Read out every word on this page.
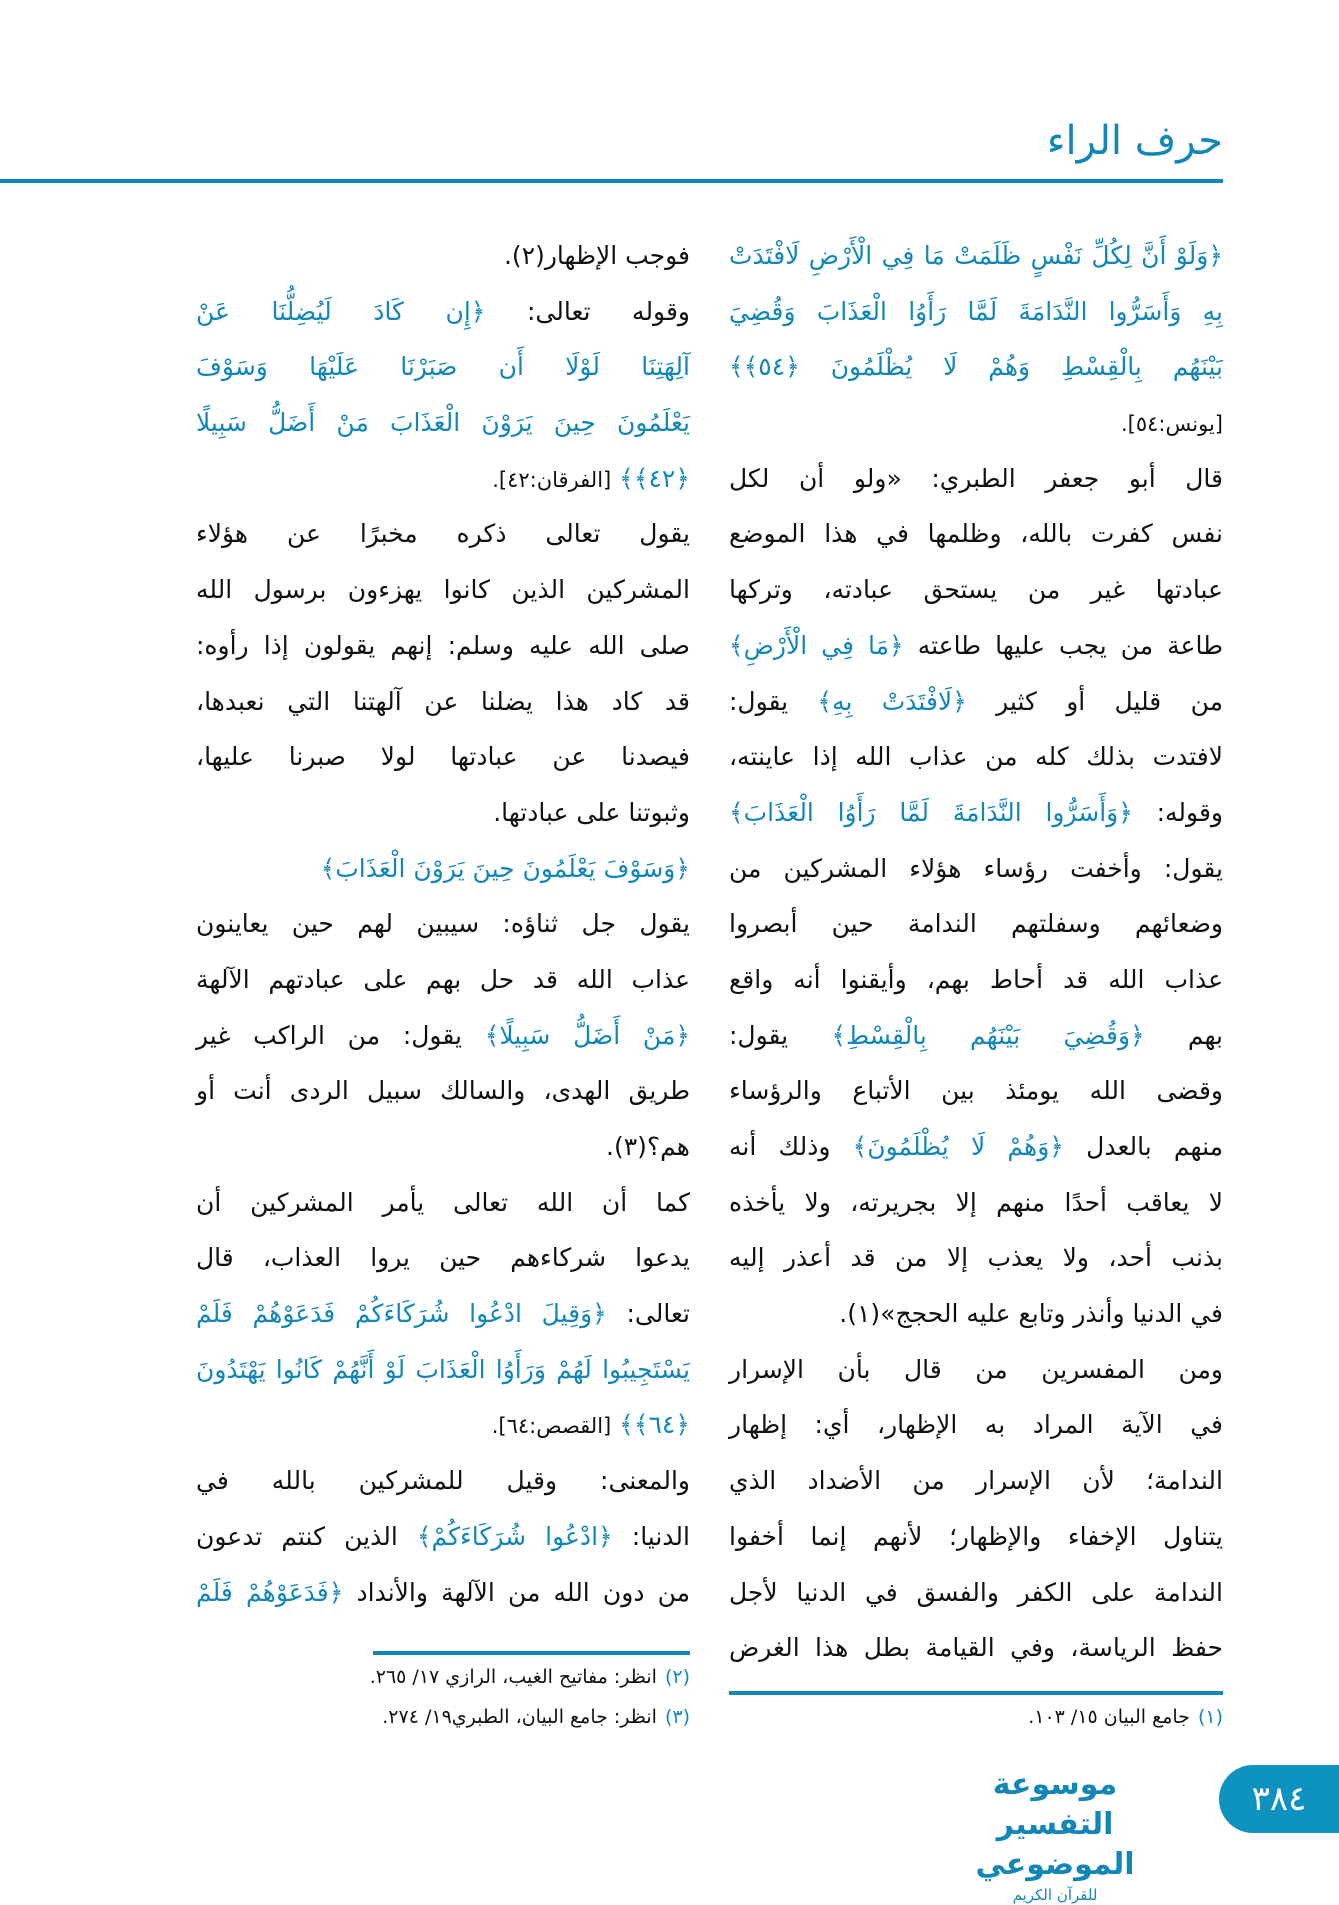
حرف الراء
﴿وَلَوْ أَنَّ لِكُلِّ نَفْسٍ ظَلَمَتْ مَا فِي الْأَرْضِ لَافْتَدَتْ
بِهِ وَأَسَرُّوا النَّدَامَةَ لَمَّا رَأَوُا الْعَذَابَ وَقُضِيَ
بَيْنَهُم بِالْقِسْطِ وَهُمْ لَا يُظْلَمُونَ ﴿٥٤﴾﴾
[يونس:٥٤].
قال أبو جعفر الطبري: «ولو أن لكل
نفس كفرت بالله، وظلمها في هذا الموضع
عبادتها غير من يستحق عبادته، وتركها
طاعة من يجب عليها طاعته ﴿مَا فِي الْأَرْضِ﴾
من قليل أو كثير ﴿لَافْتَدَتْ بِهِ﴾ يقول:
لافتدت بذلك كله من عذاب الله إذا عاينته،
وقوله: ﴿وَأَسَرُّوا النَّدَامَةَ لَمَّا رَأَوُا الْعَذَابَ﴾
يقول: وأخفت رؤساء هؤلاء المشركين من
وضعائهم وسفلتهم الندامة حين أبصروا
عذاب الله قد أحاط بهم، وأيقنوا أنه واقع
بهم ﴿وَقُضِيَ بَيْنَهُم بِالْقِسْطِ﴾ يقول:
وقضى الله يومئذ بين الأتباع والرؤساء
منهم بالعدل ﴿وَهُمْ لَا يُظْلَمُونَ﴾ وذلك أنه
لا يعاقب أحدًا منهم إلا بجريرته، ولا يأخذه
بذنب أحد، ولا يعذب إلا من قد أعذر إليه
في الدنيا وأنذر وتابع عليه الحجج»(١).
ومن المفسرين من قال بأن الإسرار
في الآية المراد به الإظهار، أي: إظهار
الندامة؛ لأن الإسرار من الأضداد الذي
يتناول الإخفاء والإظهار؛ لأنهم إنما أخفوا
الندامة على الكفر والفسق في الدنيا لأجل
حفظ الرياسة، وفي القيامة بطل هذا الغرض
فوجب الإظهار(٢).
وقوله تعالى: ﴿إِن كَادَ لَيُضِلُّنَا عَنْ
آلِهَتِنَا لَوْلَا أَن صَبَرْنَا عَلَيْهَا وَسَوْفَ
يَعْلَمُونَ حِينَ يَرَوْنَ الْعَذَابَ مَنْ أَضَلُّ سَبِيلًا
﴿٤٢﴾﴾ [الفرقان:٤٢].
يقول تعالى ذكره مخبرًا عن هؤلاء
المشركين الذين كانوا يهزءون برسول الله
صلى الله عليه وسلم: إنهم يقولون إذا رأوه:
قد كاد هذا يضلنا عن آلهتنا التي نعبدها،
فيصدنا عن عبادتها لولا صبرنا عليها،
وثبوتنا على عبادتها.
﴿وَسَوْفَ يَعْلَمُونَ حِينَ يَرَوْنَ الْعَذَابَ﴾
يقول جل ثناؤه: سيبين لهم حين يعاينون
عذاب الله قد حل بهم على عبادتهم الآلهة
﴿مَنْ أَضَلُّ سَبِيلًا﴾ يقول: من الراكب غير
طريق الهدى، والسالك سبيل الردى أنت أو
هم؟(٣).
كما أن الله تعالى يأمر المشركين أن
يدعوا شركاءهم حين يروا العذاب، قال
تعالى: ﴿وَقِيلَ ادْعُوا شُرَكَاءَكُمْ فَدَعَوْهُمْ فَلَمْ
يَسْتَجِيبُوا لَهُمْ وَرَأَوُا الْعَذَابَ لَوْ أَنَّهُمْ كَانُوا يَهْتَدُونَ
﴿٦٤﴾﴾ [القصص:٦٤].
والمعنى: وقيل للمشركين بالله في
الدنيا: ﴿ادْعُوا شُرَكَاءَكُمْ﴾ الذين كنتم تدعون
من دون الله من الآلهة والأنداد ﴿فَدَعَوْهُمْ فَلَمْ
(١)جامع البيان ١٥/ ١٠٣.
(٢)انظر: مفاتيح الغيب، الرازي ١٧/ ٢٦٥.
(٣)انظر: جامع البيان، الطبري١٩/ ٢٧٤.
موسوعة التفسير الموضوعي
للقرآن الكريم
٣٨٤
